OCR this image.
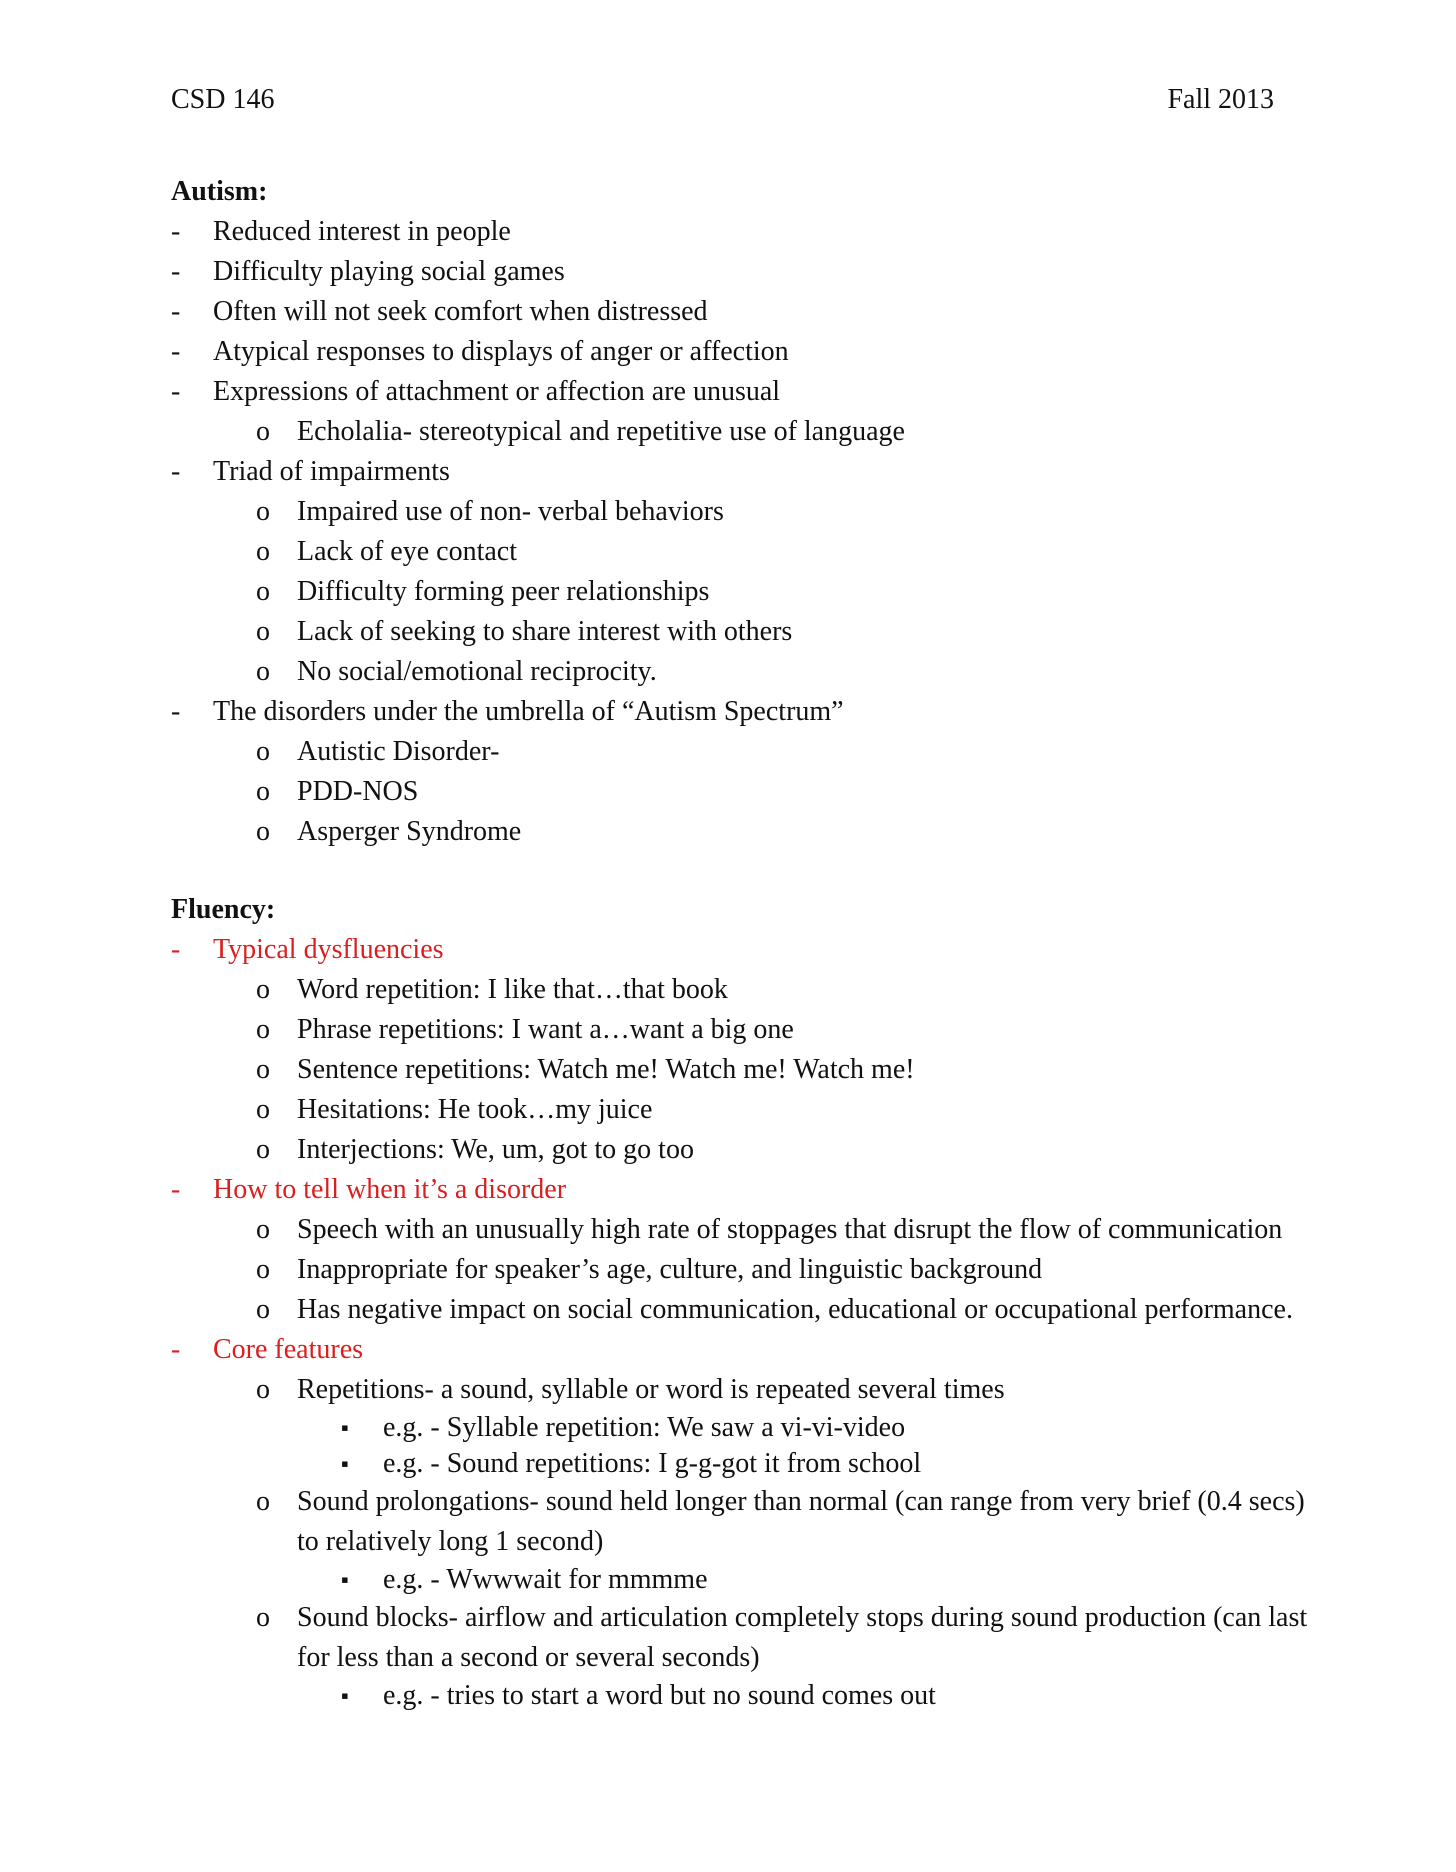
CSD 146	Fall 2013
Autism:
- Reduced interest in people
- Difficulty playing social games
- Often will not seek comfort when distressed
- Atypical responses to displays of anger or affection
- Expressions of attachment or affection are unusual
o Echolalia- stereotypical and repetitive use of language
- Triad of impairments
o Impaired use of non- verbal behaviors
o Lack of eye contact
o Difficulty forming peer relationships
o Lack of seeking to share interest with others
o No social/emotional reciprocity.
- The disorders under the umbrella of “Autism Spectrum”
o Autistic Disorder-
o PDD-NOS
o Asperger Syndrome
Fluency:
- Typical dysfluencies
o Word repetition: I like that…that book
o Phrase repetitions: I want a…want a big one
o Sentence repetitions: Watch me! Watch me! Watch me!
o Hesitations: He took…my juice
o Interjections: We, um, got to go too
- How to tell when it’s a disorder
o Speech with an unusually high rate of stoppages that disrupt the flow of communication
o Inappropriate for speaker’s age, culture, and linguistic background
o Has negative impact on social communication, educational or occupational performance.
- Core features
o Repetitions- a sound, syllable or word is repeated several times
▪ e.g. - Syllable repetition: We saw a vi-vi-video
▪ e.g. - Sound repetitions: I g-g-got it from school
o Sound prolongations- sound held longer than normal (can range from very brief (0.4 secs) to relatively long 1 second)
▪ e.g. - Wwwwait for mmmme
o Sound blocks- airflow and articulation completely stops during sound production (can last for less than a second or several seconds)
▪ e.g. - tries to start a word but no sound comes out
